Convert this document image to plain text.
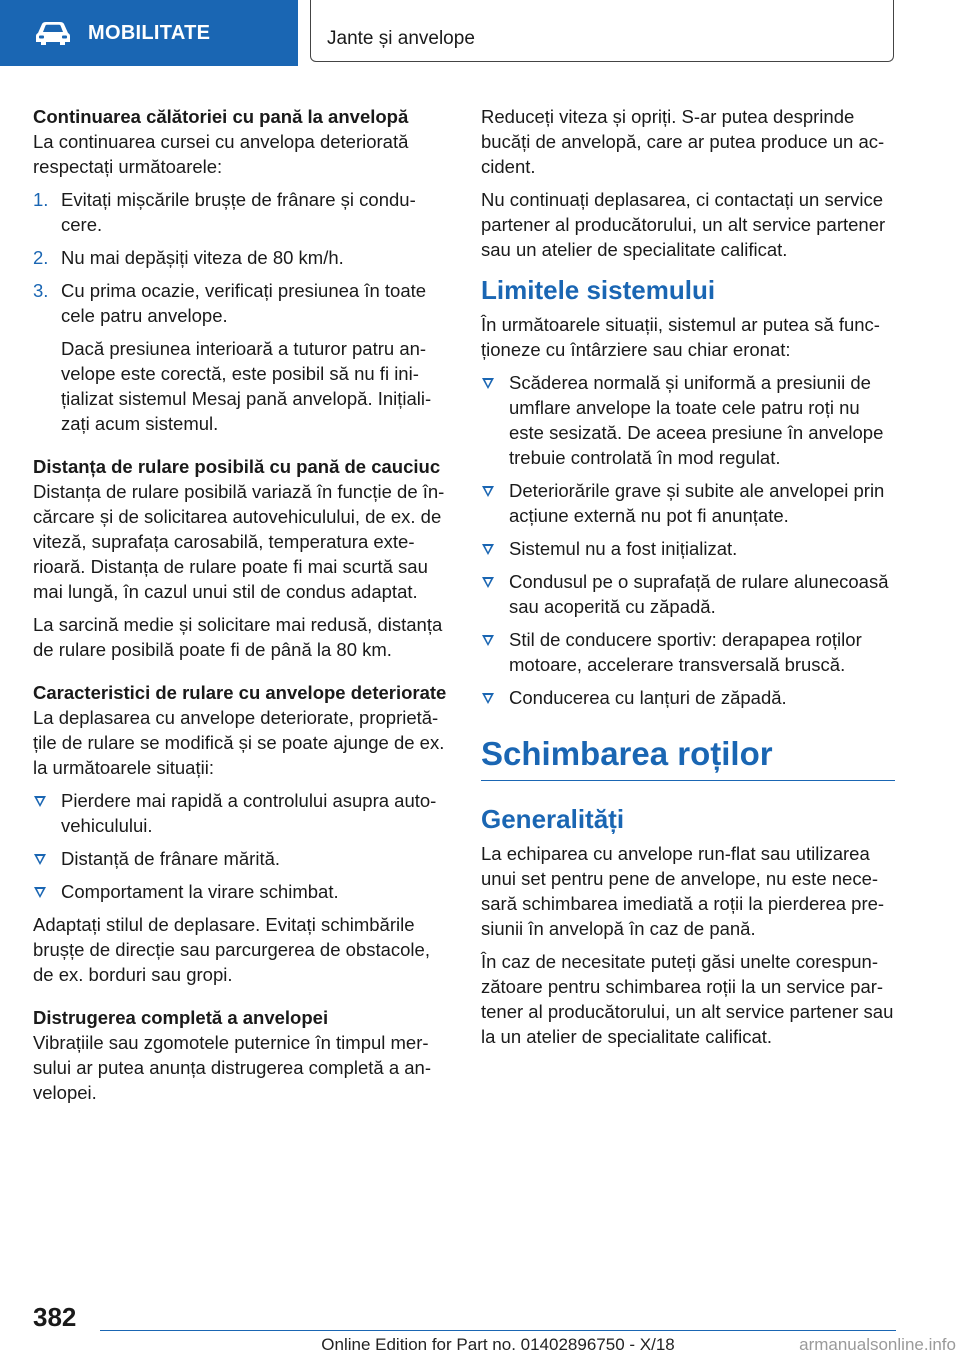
MOBILITATE	Jante și anvelope
Continuarea călătoriei cu pană la anvelopă

La continuarea cursei cu anvelopa deteriorată respectați următoarele:

1. Evitați mișcările brușțe de frânare și condu-cere.
2. Nu mai depășiți viteza de 80 km/h.
3. Cu prima ocazie, verificați presiunea în toate cele patru anvelope.

Dacă presiunea interioară a tuturor patru an-velope este corectă, este posibil să nu fi ini-țializat sistemul Mesaj pană anvelopă. Inițiali-zați acum sistemul.

Distanța de rulare posibilă cu pană de cauciuc

Distanța de rulare posibilă variază în funcție de în-cărcare și de solicitarea autovehiculului, de ex. de viteză, suprafața carosabilă, temperatura exte-rioară. Distanța de rulare poate fi mai scurtă sau mai lungă, în cazul unui stil de condus adaptat.

La sarcină medie și solicitare mai redusă, distanța de rulare posibilă poate fi de până la 80 km.

Caracteristici de rulare cu anvelope deteriorate

La deplasarea cu anvelope deteriorate, proprietă-țile de rulare se modifică și se poate ajunge de ex. la următoarele situații:

Pierdere mai rapidă a controlului asupra auto-vehiculului.
Distanță de frânare mărită.
Comportament la virare schimbat.

Adaptați stilul de deplasare. Evitați schimbările brușțe de direcție sau parcurgerea de obstacole, de ex. borduri sau gropi.

Distrugerea completă a anvelopei

Vibrațiile sau zgomotele puternice în timpul mer-sului ar putea anunța distrugerea completă a an-velopei.

Reduceți viteza și opriți. S-ar putea desprinde bucăți de anvelopă, care ar putea produce un ac-cident.

Nu continuați deplasarea, ci contactați un service partener al producătorului, un alt service partener sau un atelier de specialitate calificat.

Limitele sistemului

În următoarele situații, sistemul ar putea să func-ționeze cu întârziere sau chiar eronat:

Scăderea normală și uniformă a presiunii de umflare anvelope la toate cele patru roți nu este sesizată. De aceea presiune în anvelope trebuie controlată în mod regulat.
Deteriorările grave și subite ale anvelopei prin acțiune externă nu pot fi anunțate.
Sistemul nu a fost inițializat.
Condusul pe o suprafață de rulare alunecoasă sau acoperită cu zăpadă.
Stil de conducere sportiv: derapapea roților motoare, accelerare transversală bruscă.
Conducerea cu lanțuri de zăpadă.
Schimbarea roților
Generalități

La echiparea cu anvelope run-flat sau utilizarea unui set pentru pene de anvelope, nu este nece-sară schimbarea imediată a roții la pierderea pre-siunii în anvelopă în caz de pană.

În caz de necesitate puteți găsi unelte corespun-zătoare pentru schimbarea roții la un service par-tener al producătorului, un alt service partener sau la un atelier de specialitate calificat.

382
Online Edition for Part no. 01402896750 - X/18	armanualsonline.info
